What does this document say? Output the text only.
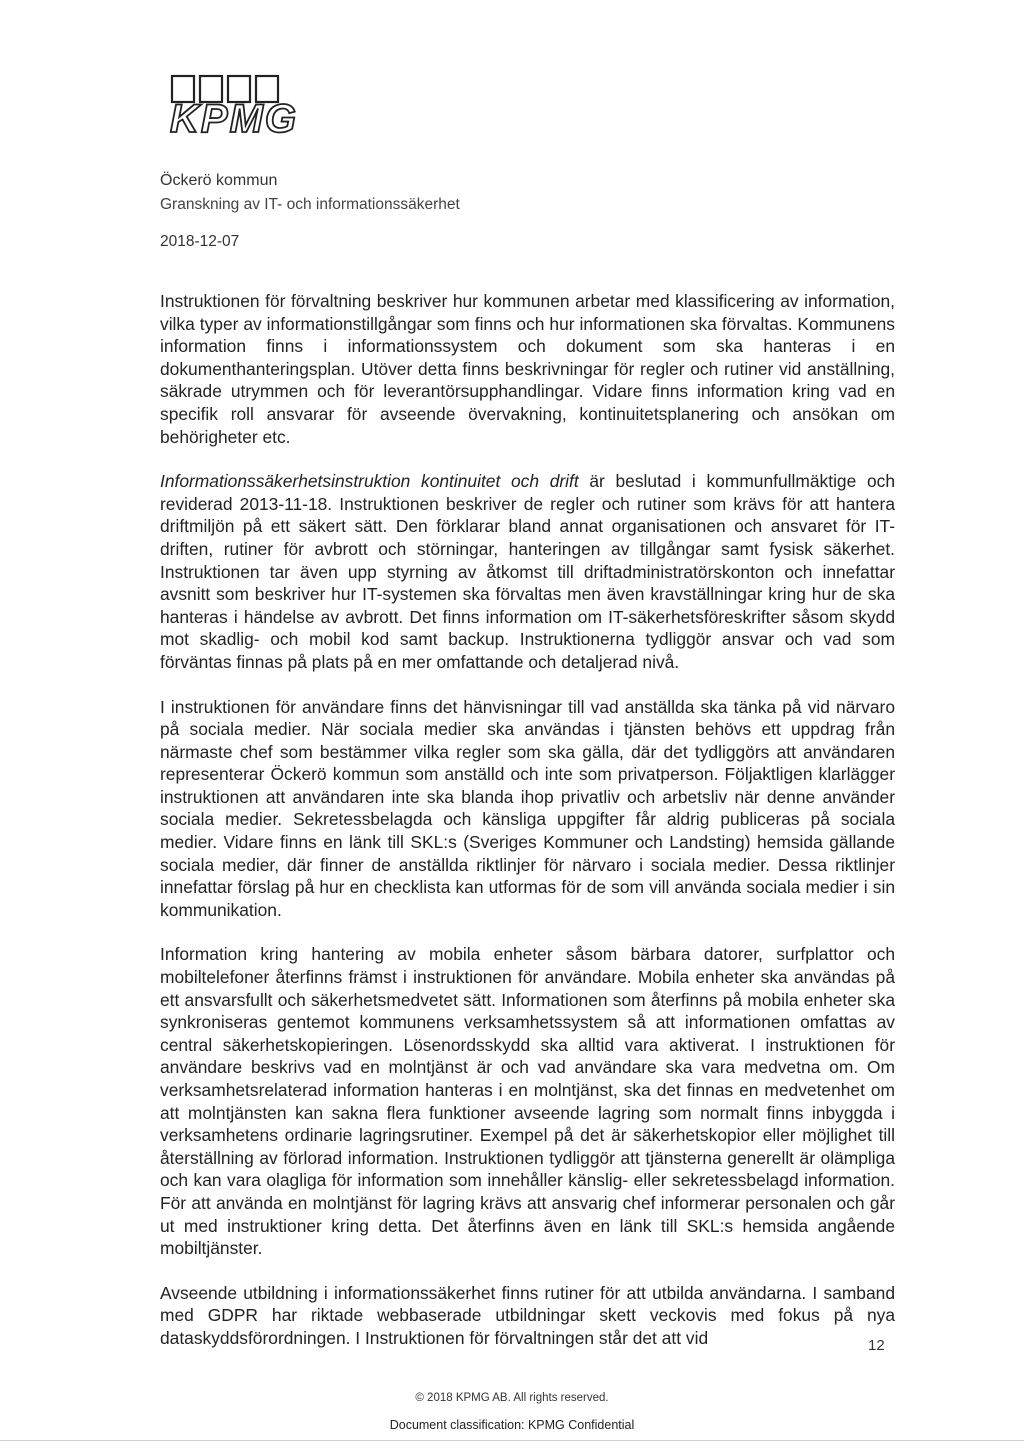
KPMG
Öckerö kommun
Granskning av IT- och informationssäkerhet
2018-12-07

Instruktionen för förvaltning beskriver hur kommunen arbetar med klassificering av information, vilka typer av informationstillgångar som finns och hur informationen ska förvaltas. Kommunens information finns i informationssystem och dokument som ska hanteras i en dokumenthanteringsplan. Utöver detta finns beskrivningar för regler och rutiner vid anställning, säkrade utrymmen och för leverantörsupphandlingar. Vidare finns information kring vad en specifik roll ansvarar för avseende övervakning, kontinuitetsplanering och ansökan om behörigheter etc.

Informationssäkerhetsinstruktion kontinuitet och drift är beslutad i kommunfullmäktige och reviderad 2013-11-18. Instruktionen beskriver de regler och rutiner som krävs för att hantera driftmiljön på ett säkert sätt. Den förklarar bland annat organisationen och ansvaret för IT-driften, rutiner för avbrott och störningar, hanteringen av tillgångar samt fysisk säkerhet. Instruktionen tar även upp styrning av åtkomst till driftadministratörskonton och innefattar avsnitt som beskriver hur IT-systemen ska förvaltas men även kravställningar kring hur de ska hanteras i händelse av avbrott. Det finns information om IT-säkerhetsföreskrifter såsom skydd mot skadlig- och mobil kod samt backup. Instruktionerna tydliggör ansvar och vad som förväntas finnas på plats på en mer omfattande och detaljerad nivå.

I instruktionen för användare finns det hänvisningar till vad anställda ska tänka på vid närvaro på sociala medier. När sociala medier ska användas i tjänsten behövs ett uppdrag från närmaste chef som bestämmer vilka regler som ska gälla, där det tydliggörs att användaren representerar Öckerö kommun som anställd och inte som privatperson. Följaktligen klarlägger instruktionen att användaren inte ska blanda ihop privatliv och arbetsliv när denne använder sociala medier. Sekretessbelagda och känsliga uppgifter får aldrig publiceras på sociala medier. Vidare finns en länk till SKL:s (Sveriges Kommuner och Landsting) hemsida gällande sociala medier, där finner de anställda riktlinjer för närvaro i sociala medier. Dessa riktlinjer innefattar förslag på hur en checklista kan utformas för de som vill använda sociala medier i sin kommunikation.

Information kring hantering av mobila enheter såsom bärbara datorer, surfplattor och mobiltelefoner återfinns främst i instruktionen för användare. Mobila enheter ska användas på ett ansvarsfullt och säkerhetsmedvetet sätt. Informationen som återfinns på mobila enheter ska synkroniseras gentemot kommunens verksamhetssystem så att informationen omfattas av central säkerhetskopieringen. Lösenordsskydd ska alltid vara aktiverat. I instruktionen för användare beskrivs vad en molntjänst är och vad användare ska vara medvetna om. Om verksamhetsrelaterad information hanteras i en molntjänst, ska det finnas en medvetenhet om att molntjänsten kan sakna flera funktioner avseende lagring som normalt finns inbyggda i verksamhetens ordinarie lagringsrutiner. Exempel på det är säkerhetskopior eller möjlighet till återställning av förlorad information. Instruktionen tydliggör att tjänsterna generellt är olämpliga och kan vara olagliga för information som innehåller känslig- eller sekretessbelagd information. För att använda en molntjänst för lagring krävs att ansvarig chef informerar personalen och går ut med instruktioner kring detta. Det återfinns även en länk till SKL:s hemsida angående mobiltjänster.

Avseende utbildning i informationssäkerhet finns rutiner för att utbilda användarna. I samband med GDPR har riktade webbaserade utbildningar skett veckovis med fokus på nya dataskyddsförordningen. I Instruktionen för förvaltningen står det att vid	12
© 2018 KPMG AB. All rights reserved.
Document classification: KPMG Confidential
